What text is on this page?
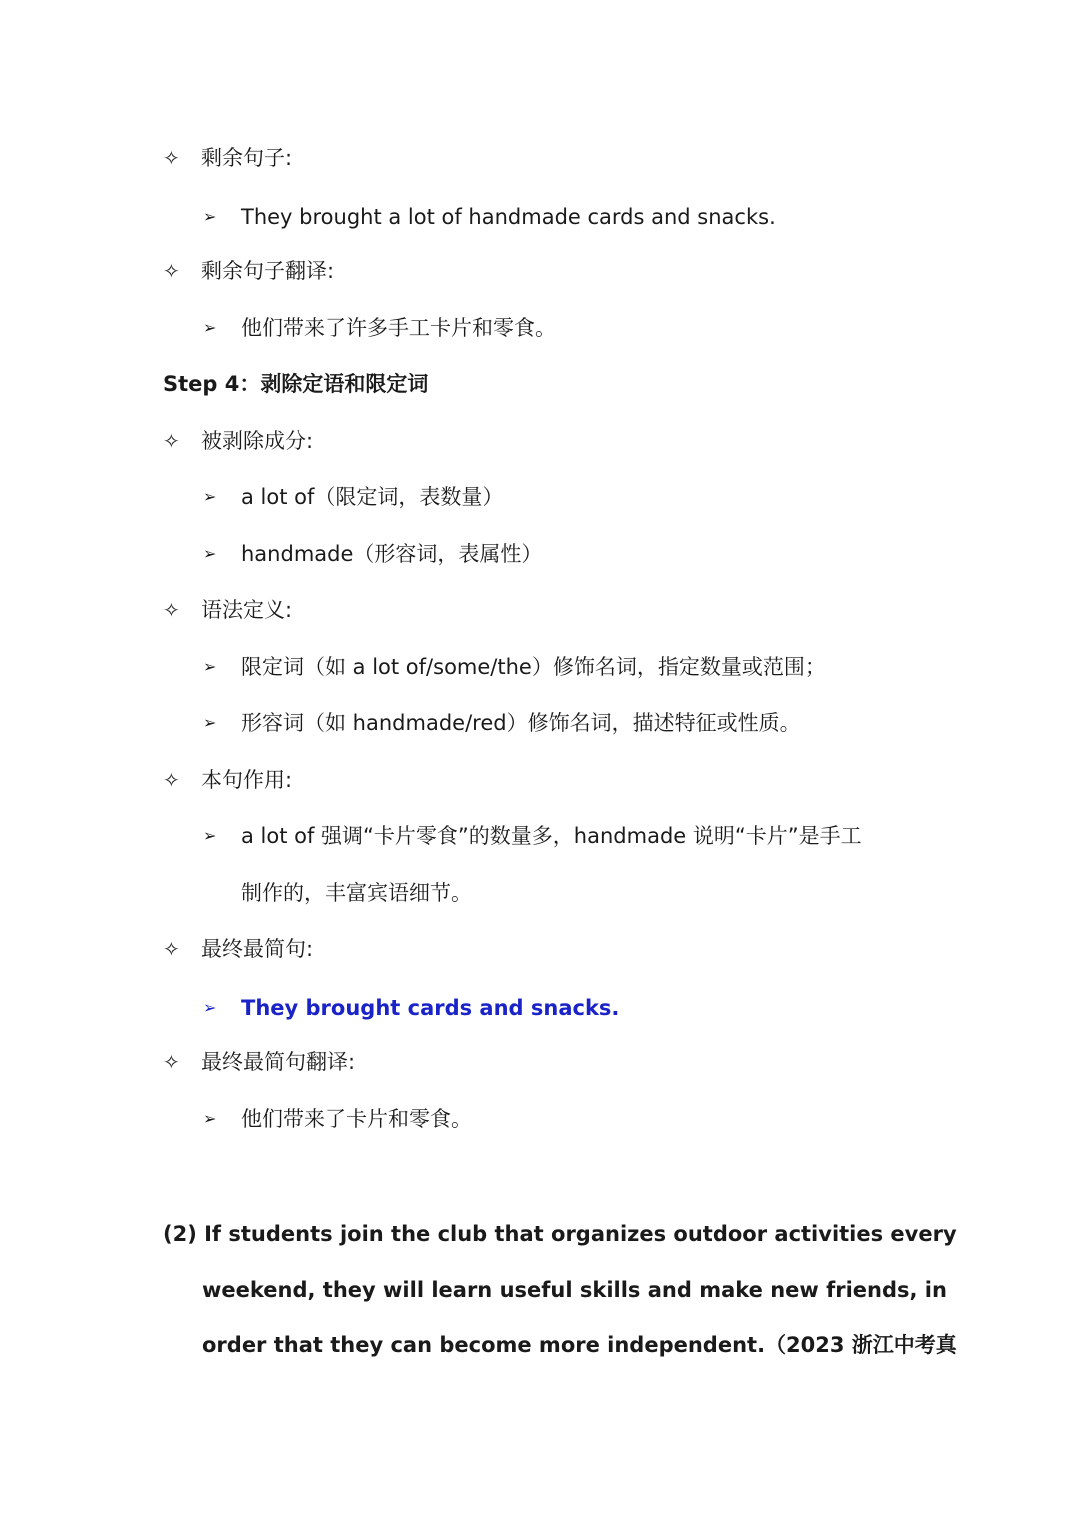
✧	剩余句子:
➢	They brought a lot of handmade cards and snacks.
✧	剩余句子翻译:
➢	他们带来了许多手工卡片和零食。
Step 4：剥除定语和限定词
✧	被剥除成分:
➢	a lot of（限定词，表数量）
➢	handmade（形容词，表属性）
✧	语法定义:
➢	限定词（如 a lot of/some/the）修饰名词，指定数量或范围；
➢	形容词（如 handmade/red）修饰名词，描述特征或性质。
✧	本句作用:
➢	a lot of 强调“卡片零食”的数量多，handmade 说明“卡片”是手工
制作的，丰富宾语细节。
✧	最终最简句:
➢	They brought cards and snacks.
✧	最终最简句翻译:
➢	他们带来了卡片和零食。
(2) If students join the club that organizes outdoor activities every
weekend, they will learn useful skills and make new friends, in
order that they can become more independent.（2023 浙江中考真
